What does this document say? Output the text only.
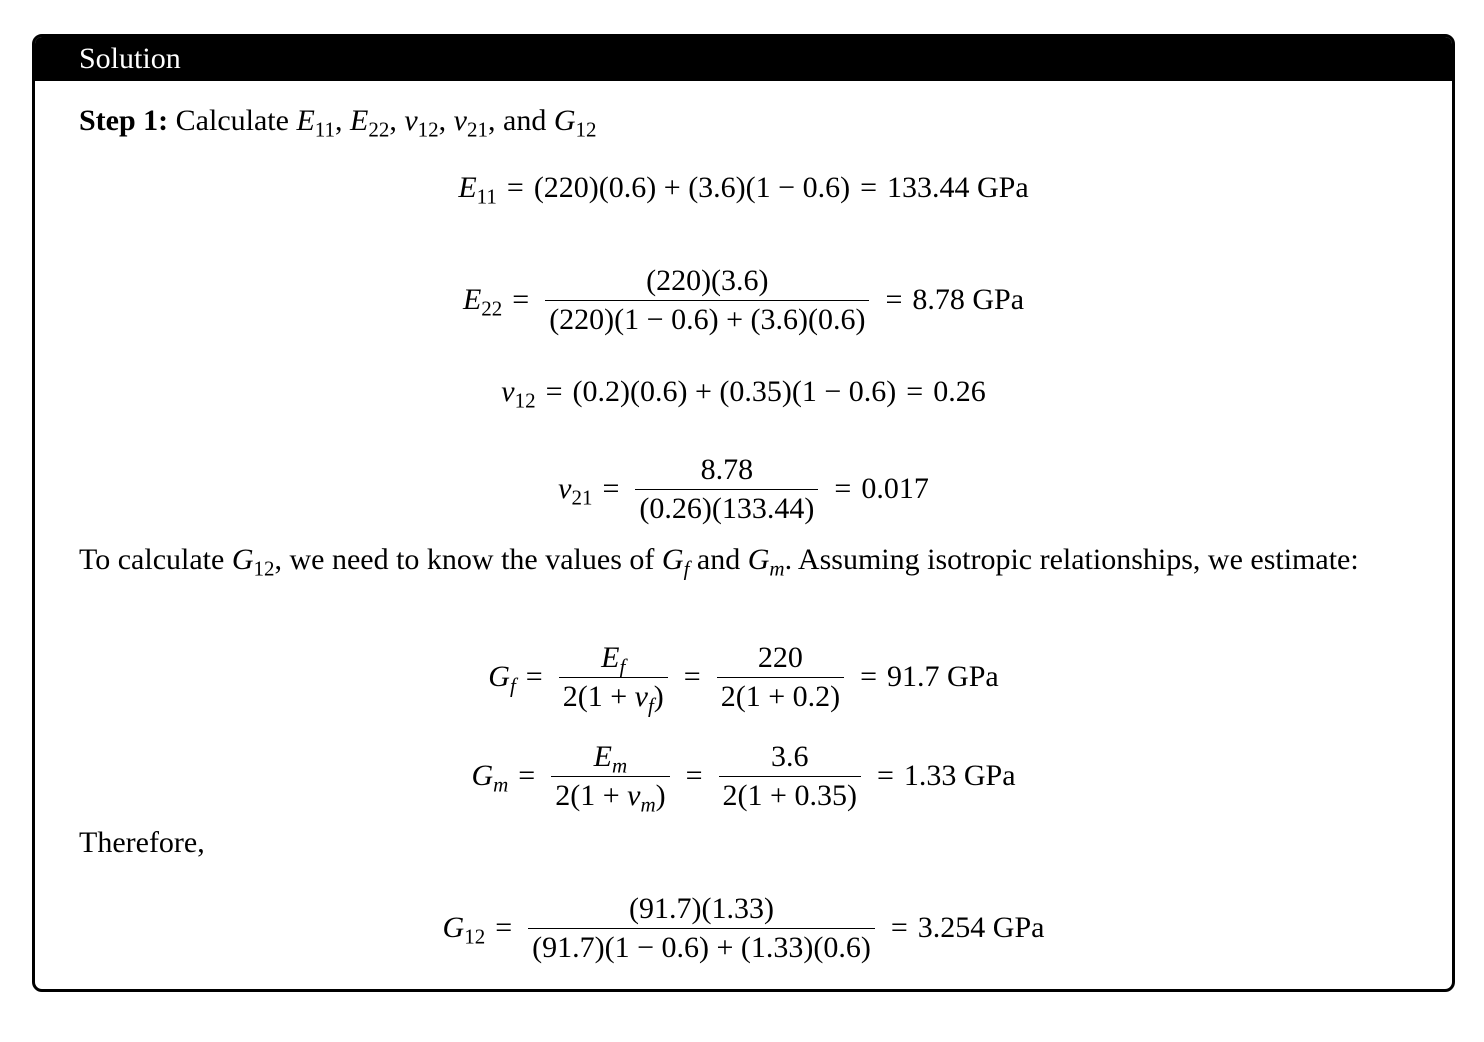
Solution
Step 1: Calculate $E_{11}$, $E_{22}$, $\nu_{12}$, $\nu_{21}$, and $G_{12}$
$E_{11} = (220)(0.6) + (3.6)(1 - 0.6) = 133.44$ GPa
$E_{22} = \frac{(220)(3.6)}{(220)(1 - 0.6) + (3.6)(0.6)} = 8.78$ GPa
$\nu_{12} = (0.2)(0.6) + (0.35)(1 - 0.6) = 0.26$
$\nu_{21} = \frac{8.78}{(0.26)(133.44)} = 0.017$
To calculate $G_{12}$, we need to know the values of $G_f$ and $G_m$. Assuming isotropic relationships, we estimate:
$G_f = \frac{E_f}{2(1 + \nu_f)} = \frac{220}{2(1 + 0.2)} = 91.7$ GPa
$G_m = \frac{E_m}{2(1 + \nu_m)} = \frac{3.6}{2(1 + 0.35)} = 1.33$ GPa
Therefore,
$G_{12} = \frac{(91.7)(1.33)}{(91.7)(1 - 0.6) + (1.33)(0.6)} = 3.254$ GPa
